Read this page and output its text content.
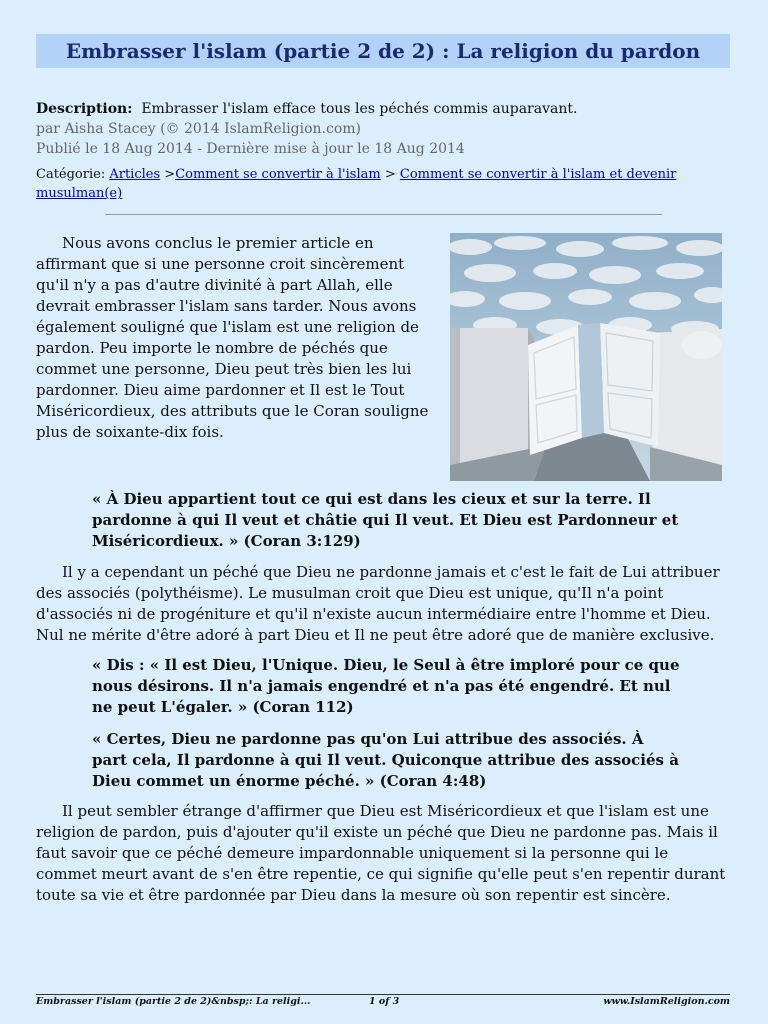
Embrasser l'islam (partie 2 de 2) : La religion du pardon
Description: Embrasser l'islam efface tous les péchés commis auparavant.
par Aisha Stacey (© 2014 IslamReligion.com)
Publié le 18 Aug 2014 - Dernière mise à jour le 18 Aug 2014
Catégorie: Articles >Comment se convertir à l'islam > Comment se convertir à l'islam et devenir musulman(e)

Nous avons conclus le premier article en affirmant que si une personne croit sincèrement qu'il n'y a pas d'autre divinité à part Allah, elle devrait embrasser l'islam sans tarder. Nous avons également souligné que l'islam est une religion de pardon. Peu importe le nombre de péchés que commet une personne, Dieu peut très bien les lui pardonner. Dieu aime pardonner et Il est le Tout Miséricordieux, des attributs que le Coran souligne plus de soixante-dix fois.

« À Dieu appartient tout ce qui est dans les cieux et sur la terre. Il pardonne à qui Il veut et châtie qui Il veut. Et Dieu est Pardonneur et Miséricordieux. » (Coran 3:129)

Il y a cependant un péché que Dieu ne pardonne jamais et c'est le fait de Lui attribuer des associés (polythéisme). Le musulman croit que Dieu est unique, qu'Il n'a point d'associés ni de progéniture et qu'il n'existe aucun intermédiaire entre l'homme et Dieu. Nul ne mérite d'être adoré à part Dieu et Il ne peut être adoré que de manière exclusive.

« Dis : « Il est Dieu, l'Unique. Dieu, le Seul à être imploré pour ce que nous désirons. Il n'a jamais engendré et n'a pas été engendré. Et nul ne peut L'égaler. » (Coran 112)

« Certes, Dieu ne pardonne pas qu'on Lui attribue des associés. À part cela, Il pardonne à qui Il veut. Quiconque attribue des associés à Dieu commet un énorme péché. » (Coran 4:48)

Il peut sembler étrange d'affirmer que Dieu est Miséricordieux et que l'islam est une religion de pardon, puis d'ajouter qu'il existe un péché que Dieu ne pardonne pas. Mais il faut savoir que ce péché demeure impardonnable uniquement si la personne qui le commet meurt avant de s'en être repentie, ce qui signifie qu'elle peut s'en repentir durant toute sa vie et être pardonnée par Dieu dans la mesure où son repentir est sincère.

Embrasser l'islam (partie 2 de 2)&nbsp;: La religi...	1 of 3	www.IslamReligion.com
